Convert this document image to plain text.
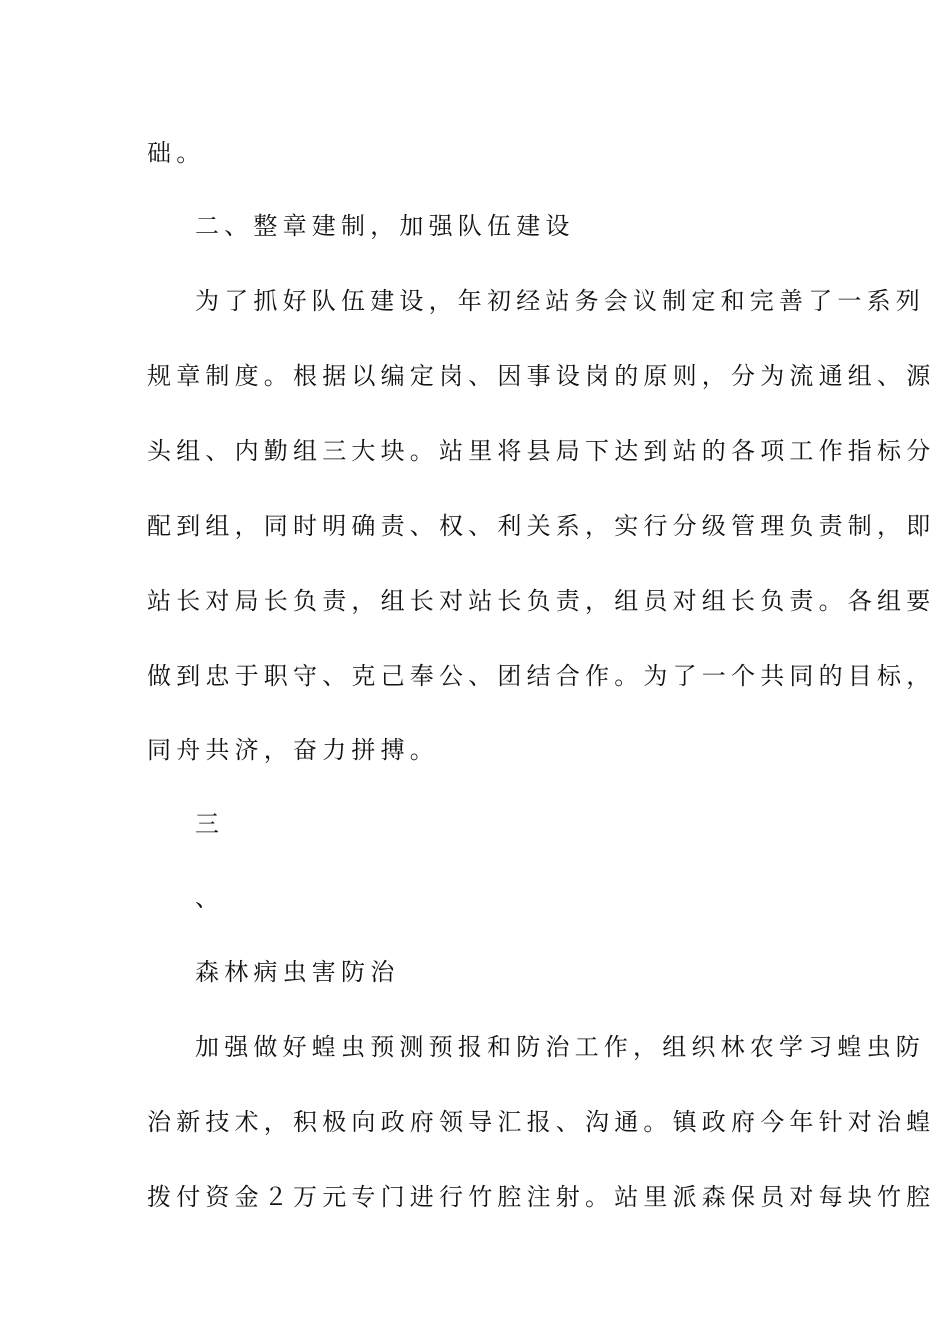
础。
二、整章建制，加强队伍建设
为了抓好队伍建设，年初经站务会议制定和完善了一系列
规章制度。根据以编定岗、因事设岗的原则，分为流通组、源
头组、内勤组三大块。站里将县局下达到站的各项工作指标分
配到组，同时明确责、权、利关系，实行分级管理负责制，即
站长对局长负责，组长对站长负责，组员对组长负责。各组要
做到忠于职守、克己奉公、团结合作。为了一个共同的目标，
同舟共济，奋力拼搏。
三
、
森林病虫害防治
加强做好蝗虫预测预报和防治工作，组织林农学习蝗虫防
治新技术，积极向政府领导汇报、沟通。镇政府今年针对治蝗
拨付资金２万元专门进行竹腔注射。站里派森保员对每块竹腔
